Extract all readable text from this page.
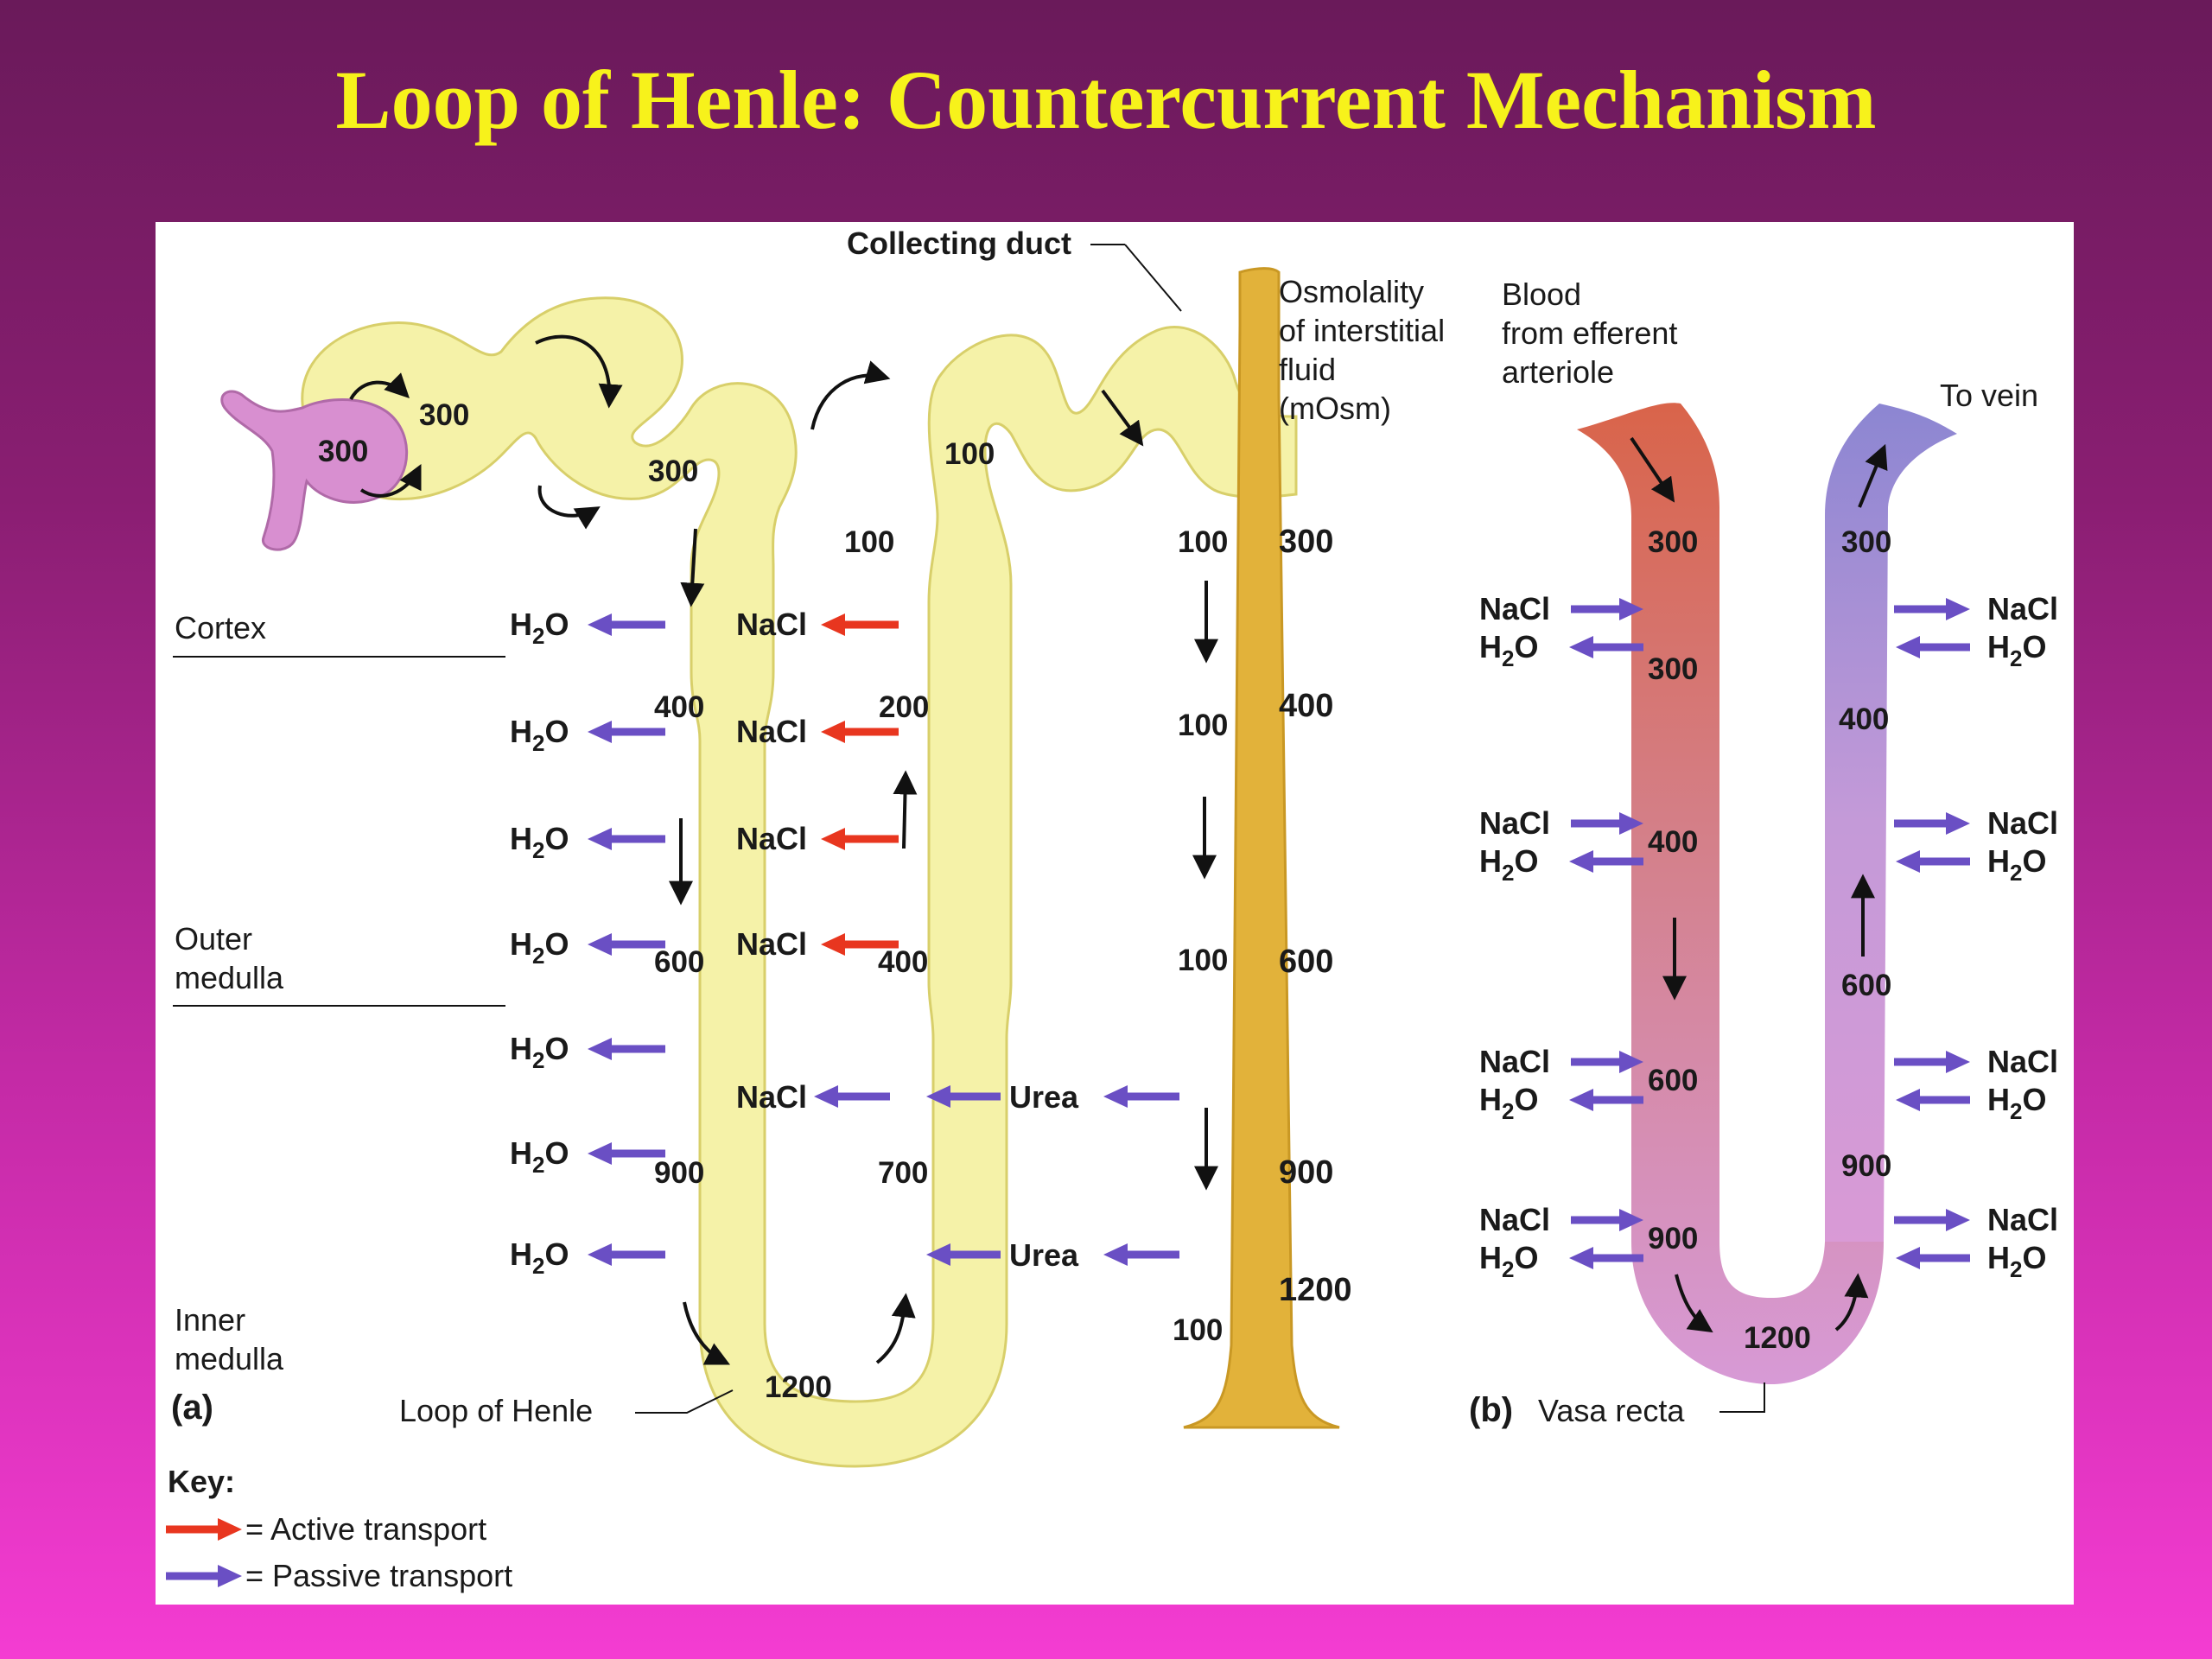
Loop of Henle: Countercurrent Mechanism
Collecting duct
300
300
300
400
600
900
1200
100
200
400
700
100
100
100
100
100
Cortex
Outer
medulla
Inner
medulla
(a)	Loop of Henle
Osmolality
of interstitial
fluid
(mOsm)
300
400
600
900
1200
$H_2O$
$H_2O$
$H_2O$
$H_2O$
$H_2O$
$H_2O$
$H_2O$
NaCl
NaCl
NaCl
NaCl
NaCl	Urea
Urea
Blood
from efferent
arteriole
To vein
300
300
400
600
900
1200
300
400
600
900
NaCl
$H_2O$
NaCl
$H_2O$
NaCl
$H_2O$
NaCl
$H_2O$
NaCl
$H_2O$
NaCl
$H_2O$
NaCl
$H_2O$
NaCl
$H_2O$
(b) Vasa recta
Key:
= Active transport
= Passive transport
